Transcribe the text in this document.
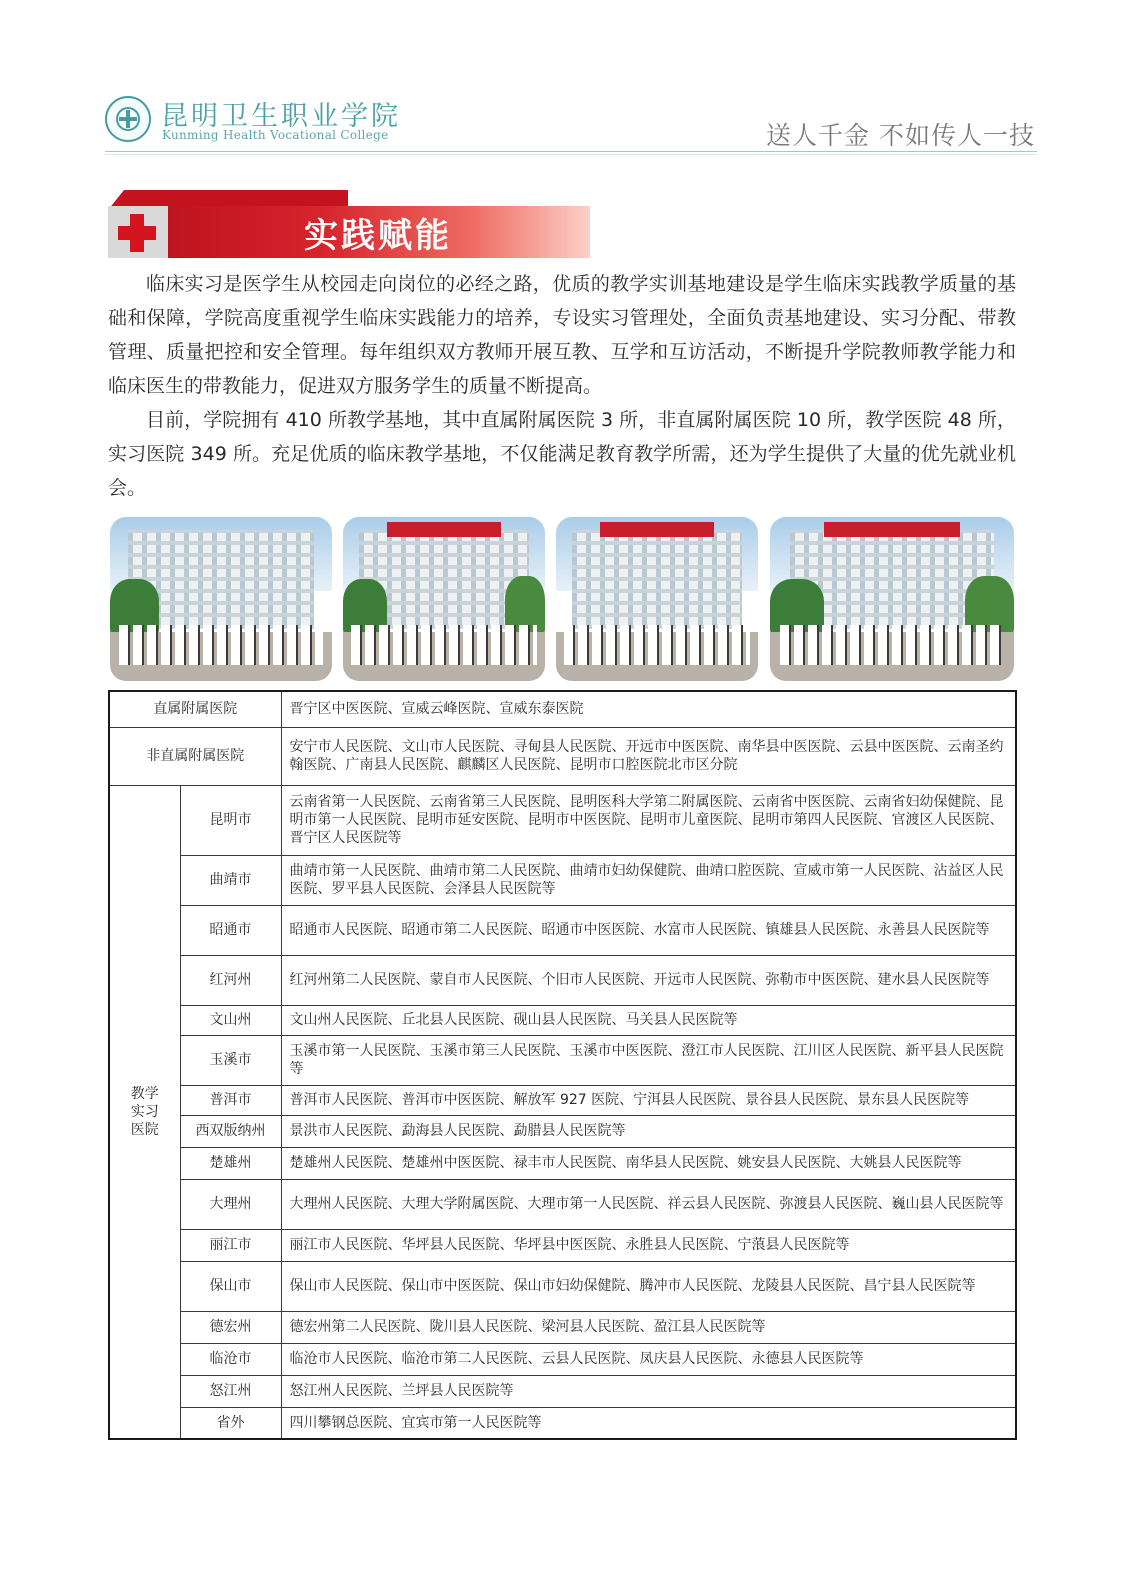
昆明卫生职业学院
Kunming Health Vocational College	送人千金 不如传人一技
实践赋能

临床实习是医学生从校园走向岗位的必经之路，优质的教学实训基地建设是学生临床实践教学质量的基础和保障，学院高度重视学生临床实践能力的培养，专设实习管理处，全面负责基地建设、实习分配、带教管理、质量把控和安全管理。每年组织双方教师开展互教、互学和互访活动，不断提升学院教师教学能力和临床医生的带教能力，促进双方服务学生的质量不断提高。

目前，学院拥有 410 所教学基地，其中直属附属医院 3 所，非直属附属医院 10 所，教学医院 48 所，实习医院 349 所。充足优质的临床教学基地，不仅能满足教育教学所需，还为学生提供了大量的优先就业机会。

直属附属医院		晋宁区中医医院、宣威云峰医院、宣威东泰医院
非直属附属医院		安宁市人民医院、文山市人民医院、寻甸县人民医院、开远市中医医院、南华县中医医院、云县中医医院、云南圣约翰医院、广南县人民医院、麒麟区人民医院、昆明市口腔医院北市区分院

教学
实习
医院	昆明市	云南省第一人民医院、云南省第三人民医院、昆明医科大学第二附属医院、云南省中医医院、云南省妇幼保健院、昆明市第一人民医院、昆明市延安医院、昆明市中医医院、昆明市儿童医院、昆明市第四人民医院、官渡区人民医院、晋宁区人民医院等
	曲靖市	曲靖市第一人民医院、曲靖市第二人民医院、曲靖市妇幼保健院、曲靖口腔医院、宣威市第一人民医院、沾益区人民医院、罗平县人民医院、会泽县人民医院等
	昭通市	昭通市人民医院、昭通市第二人民医院、昭通市中医医院、水富市人民医院、镇雄县人民医院、永善县人民医院等
	红河州	红河州第二人民医院、蒙自市人民医院、个旧市人民医院、开远市人民医院、弥勒市中医医院、建水县人民医院等
	文山州	文山州人民医院、丘北县人民医院、砚山县人民医院、马关县人民医院等
	玉溪市	玉溪市第一人民医院、玉溪市第三人民医院、玉溪市中医医院、澄江市人民医院、江川区人民医院、新平县人民医院等
	普洱市	普洱市人民医院、普洱市中医医院、解放军 927 医院、宁洱县人民医院、景谷县人民医院、景东县人民医院等
	西双版纳州	景洪市人民医院、勐海县人民医院、勐腊县人民医院等
	楚雄州	楚雄州人民医院、楚雄州中医医院、禄丰市人民医院、南华县人民医院、姚安县人民医院、大姚县人民医院等
	大理州	大理州人民医院、大理大学附属医院、大理市第一人民医院、祥云县人民医院、弥渡县人民医院、巍山县人民医院等
	丽江市	丽江市人民医院、华坪县人民医院、华坪县中医医院、永胜县人民医院、宁蒗县人民医院等
	保山市	保山市人民医院、保山市中医医院、保山市妇幼保健院、腾冲市人民医院、龙陵县人民医院、昌宁县人民医院等
	德宏州	德宏州第二人民医院、陇川县人民医院、梁河县人民医院、盈江县人民医院等
	临沧市	临沧市人民医院、临沧市第二人民医院、云县人民医院、凤庆县人民医院、永德县人民医院等
	怒江州	怒江州人民医院、兰坪县人民医院等
	省外	四川攀钢总医院、宜宾市第一人民医院等
